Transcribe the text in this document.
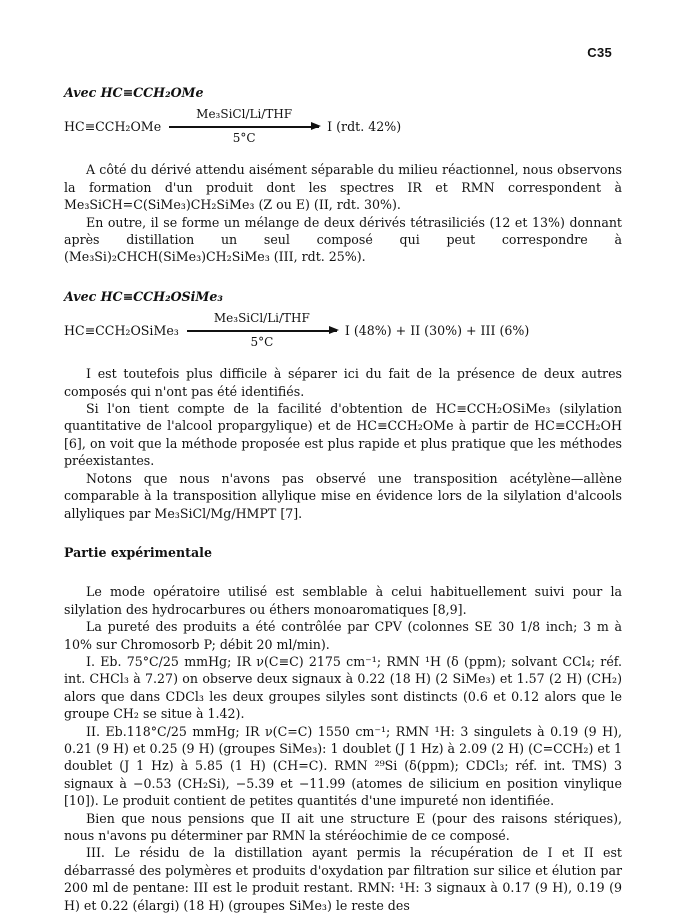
C35

Avec HC≡CCH₂OMe

HC≡CCH₂OMe
Me₃SiCl/Li/THF
5°C
I (rdt. 42%)

A côté du dérivé attendu aisément séparable du milieu réactionnel, nous observons la formation d'un produit dont les spectres IR et RMN correspondent à Me₃SiCH=C(SiMe₃)CH₂SiMe₃ (Z ou E) (II, rdt. 30%).

En outre, il se forme un mélange de deux dérivés tétrasiliciés (12 et 13%) donnant après distillation un seul composé qui peut correspondre à (Me₃Si)₂CHCH(SiMe₃)CH₂SiMe₃ (III, rdt. 25%).

Avec HC≡CCH₂OSiMe₃

HC≡CCH₂OSiMe₃
Me₃SiCl/Li/THF
5°C
I (48%) + II (30%) + III (6%)

I est toutefois plus difficile à séparer ici du fait de la présence de deux autres composés qui n'ont pas été identifiés.

Si l'on tient compte de la facilité d'obtention de HC≡CCH₂OSiMe₃ (silylation quantitative de l'alcool propargylique) et de HC≡CCH₂OMe à partir de HC≡CCH₂OH [6], on voit que la méthode proposée est plus rapide et plus pratique que les méthodes préexistantes.

Notons que nous n'avons pas observé une transposition acétylène—allène comparable à la transposition allylique mise en évidence lors de la silylation d'alcools allyliques par Me₃SiCl/Mg/HMPT [7].

Partie expérimentale

Le mode opératoire utilisé est semblable à celui habituellement suivi pour la silylation des hydrocarbures ou éthers monoaromatiques [8,9].

La pureté des produits a été contrôlée par CPV (colonnes SE 30 1/8 inch; 3 m à 10% sur Chromosorb P; débit 20 ml/min).

I. Eb. 75°C/25 mmHg; IR ν(C≡C) 2175 cm⁻¹; RMN ¹H (δ (ppm); solvant CCl₄; réf. int. CHCl₃ à 7.27) on observe deux signaux à 0.22 (18 H) (2 SiMe₃) et 1.57 (2 H) (CH₂) alors que dans CDCl₃ les deux groupes silyles sont distincts (0.6 et 0.12 alors que le groupe CH₂ se situe à 1.42).

II. Eb.118°C/25 mmHg; IR ν(C=C) 1550 cm⁻¹; RMN ¹H: 3 singulets à 0.19 (9 H), 0.21 (9 H) et 0.25 (9 H) (groupes SiMe₃): 1 doublet (J 1 Hz) à 2.09 (2 H) (C=CCH₂) et 1 doublet (J 1 Hz) à 5.85 (1 H) (CH=C). RMN ²⁹Si (δ(ppm); CDCl₃; réf. int. TMS) 3 signaux à −0.53 (CH₂Si), −5.39 et −11.99 (atomes de silicium en position vinylique [10]). Le produit contient de petites quantités d'une impureté non identifiée.

Bien que nous pensions que II ait une structure E (pour des raisons stériques), nous n'avons pu déterminer par RMN la stéréochimie de ce composé.

III. Le résidu de la distillation ayant permis la récupération de I et II est débarrassé des polymères et produits d'oxydation par filtration sur silice et élution par 200 ml de pentane: III est le produit restant. RMN: ¹H: 3 signaux à 0.17 (9 H), 0.19 (9 H) et 0.22 (élargi) (18 H) (groupes SiMe₃) le reste des
